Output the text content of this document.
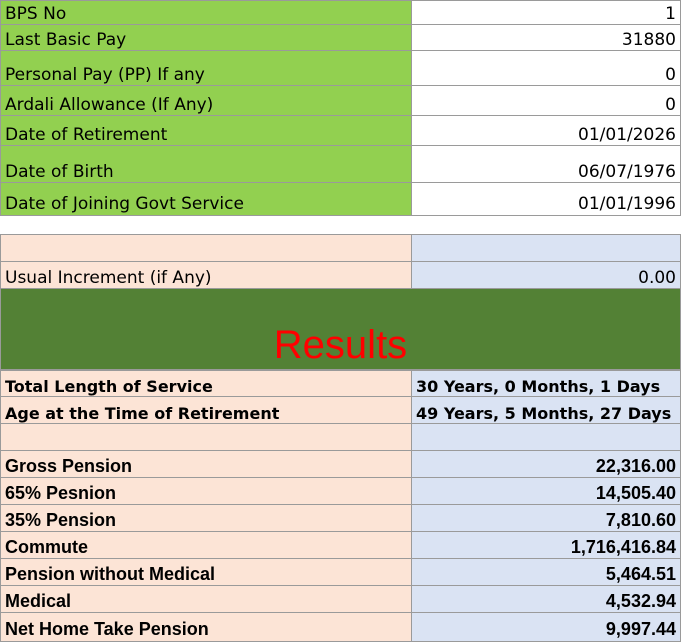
BPS No	1
Last Basic Pay	31880
Personal Pay (PP) If any	0
Ardali Allowance (If Any)	0
Date of Retirement	01/01/2026
Date of Birth	06/07/1976
Date of Joining Govt Service	01/01/1996
Usual Increment (if Any)	0.00
Results
Total Length of Service	30 Years, 0 Months, 1 Days
Age at the Time of Retirement	49 Years, 5 Months, 27 Days
Gross Pension	22,316.00
65% Pesnion	14,505.40
35% Pension	7,810.60
Commute	1,716,416.84
Pension without Medical	5,464.51
Medical	4,532.94
Net Home Take Pension	9,997.44
